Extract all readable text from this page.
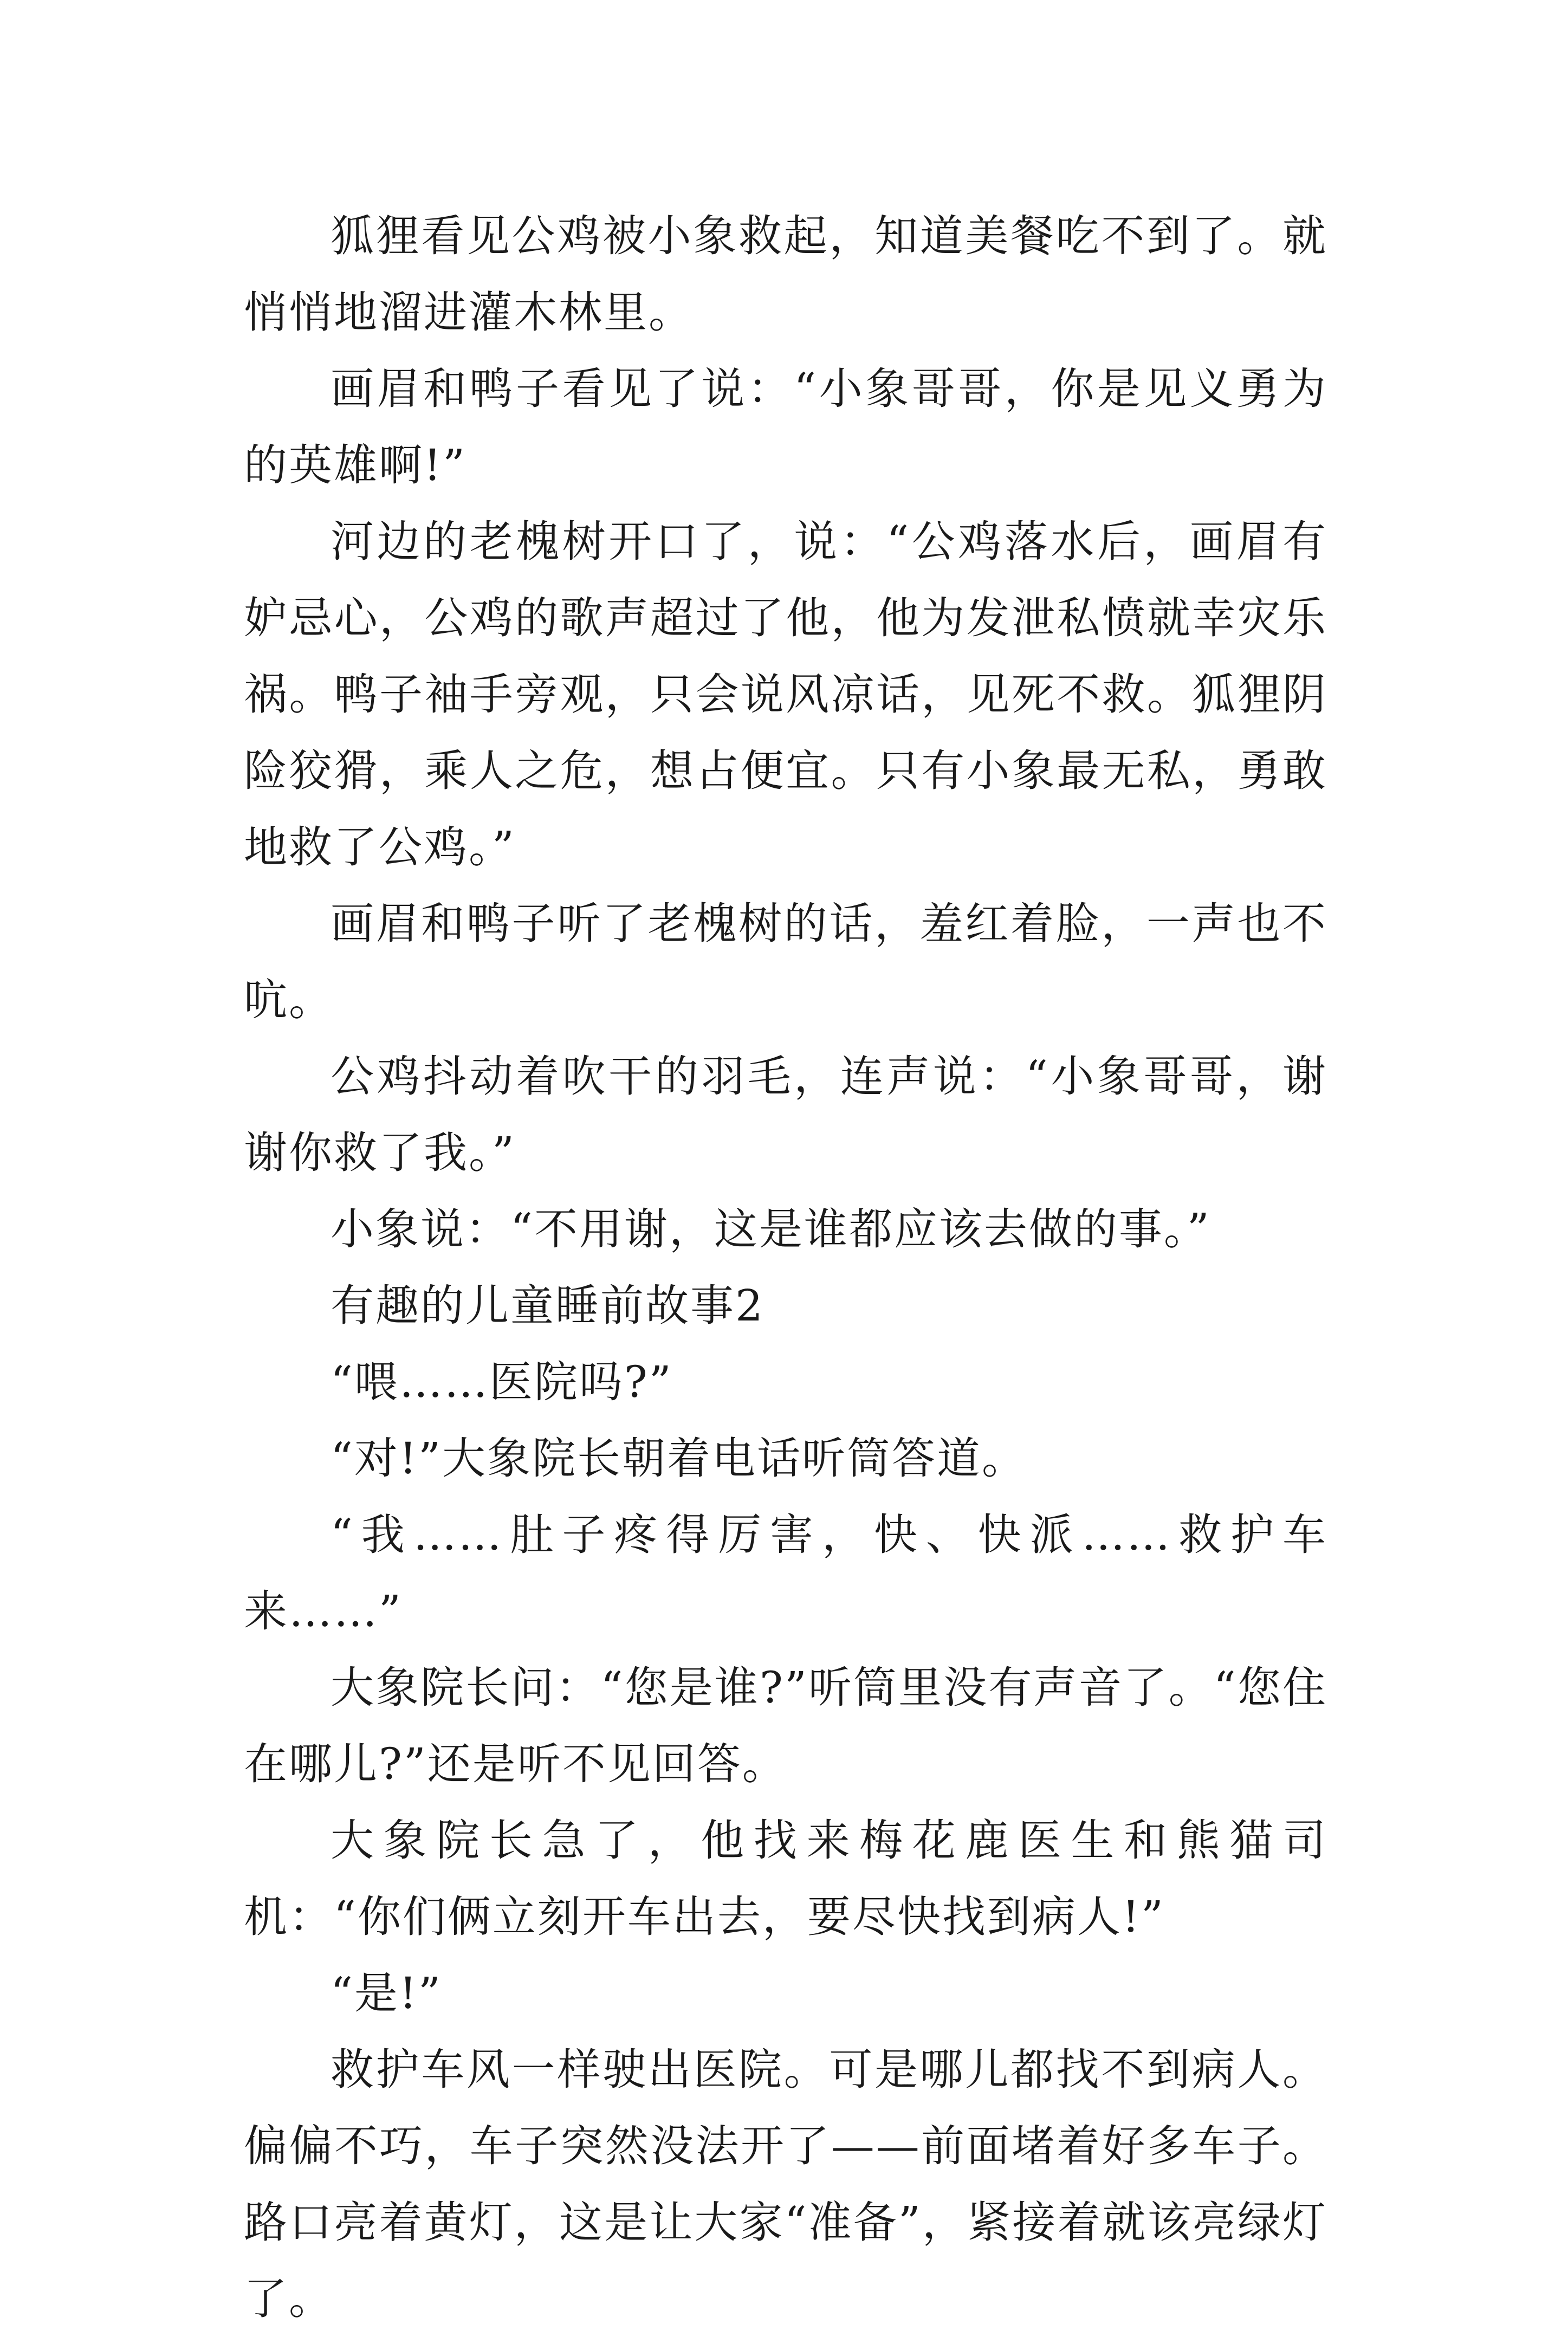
狐狸看见公鸡被小象救起，知道美餐吃不到了。就悄悄地溜进灌木林里。

画眉和鸭子看见了说：“小象哥哥，你是见义勇为的英雄啊!”

河边的老槐树开口了，说：“公鸡落水后，画眉有妒忌心，公鸡的歌声超过了他，他为发泄私愤就幸灾乐祸。鸭子袖手旁观，只会说风凉话，见死不救。狐狸阴险狡猾，乘人之危，想占便宜。只有小象最无私，勇敢地救了公鸡。”

画眉和鸭子听了老槐树的话，羞红着脸，一声也不吭。

公鸡抖动着吹干的羽毛，连声说：“小象哥哥，谢谢你救了我。”

小象说：“不用谢，这是谁都应该去做的事。”

有趣的儿童睡前故事2

“喂……医院吗?”

“对!”大象院长朝着电话听筒答道。

“我……肚子疼得厉害，快、快派……救护车来……”

大象院长问：“您是谁?”听筒里没有声音了。“您住在哪儿?”还是听不见回答。

大象院长急了，他找来梅花鹿医生和熊猫司机：“你们俩立刻开车出去，要尽快找到病人!”

“是!”

救护车风一样驶出医院。可是哪儿都找不到病人。偏偏不巧，车子突然没法开了——前面堵着好多车子。路口亮着黄灯，这是让大家“准备”，紧接着就该亮绿灯了。
